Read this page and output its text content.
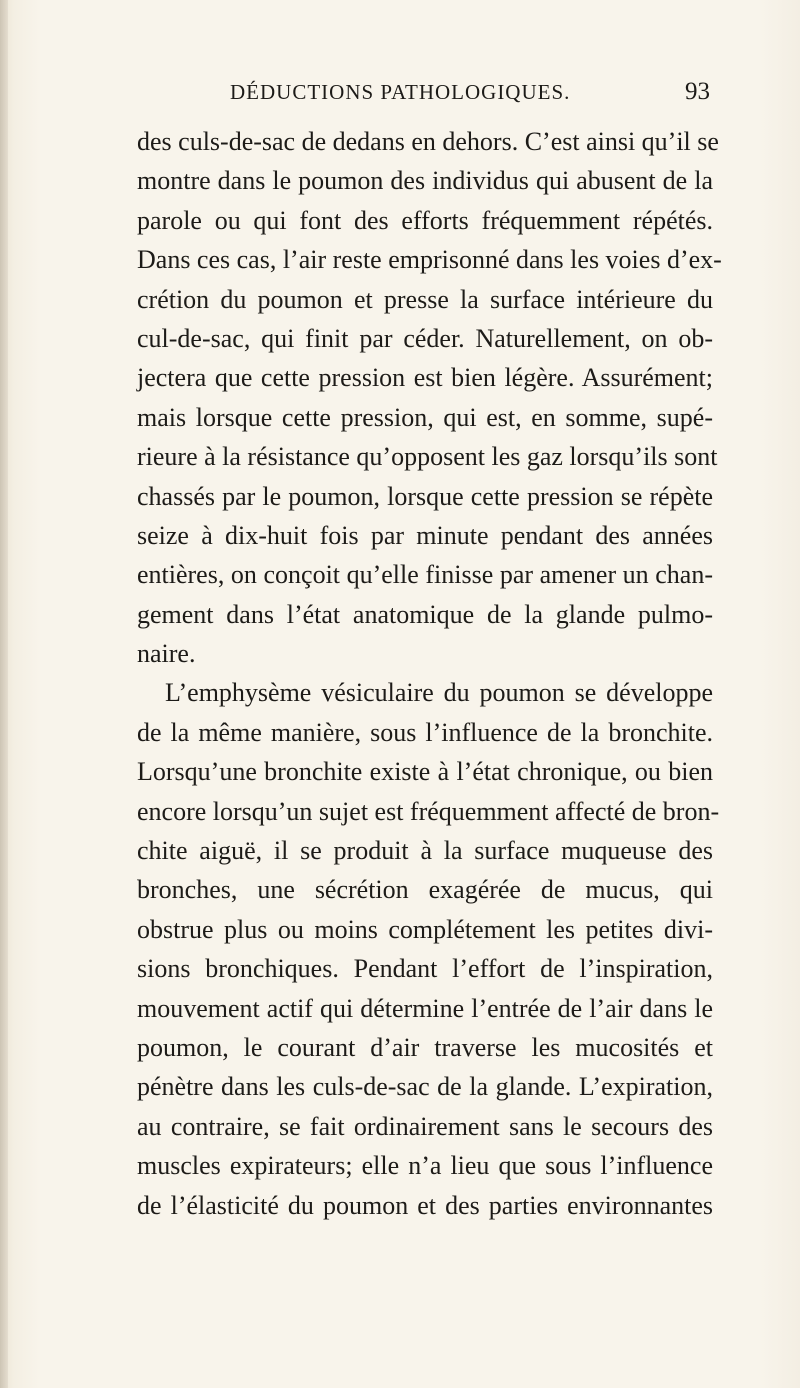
DÉDUCTIONS PATHOLOGIQUES.	93
des culs-de-sac de dedans en dehors. C’est ainsi qu’il se
montre dans le poumon des individus qui abusent de la
parole ou qui font des efforts fréquemment répétés.
Dans ces cas, l’air reste emprisonné dans les voies d’ex-
crétion du poumon et presse la surface intérieure du
cul-de-sac, qui finit par céder. Naturellement, on ob-
jectera que cette pression est bien légère. Assurément;
mais lorsque cette pression, qui est, en somme, supé-
rieure à la résistance qu’opposent les gaz lorsqu’ils sont
chassés par le poumon, lorsque cette pression se répète
seize à dix-huit fois par minute pendant des années
entières, on conçoit qu’elle finisse par amener un chan-
gement dans l’état anatomique de la glande pulmo-
naire.
L’emphysème vésiculaire du poumon se développe
de la même manière, sous l’influence de la bronchite.
Lorsqu’une bronchite existe à l’état chronique, ou bien
encore lorsqu’un sujet est fréquemment affecté de bron-
chite aiguë, il se produit à la surface muqueuse des
bronches, une sécrétion exagérée de mucus, qui
obstrue plus ou moins complétement les petites divi-
sions bronchiques. Pendant l’effort de l’inspiration,
mouvement actif qui détermine l’entrée de l’air dans le
poumon, le courant d’air traverse les mucosités et
pénètre dans les culs-de-sac de la glande. L’expiration,
au contraire, se fait ordinairement sans le secours des
muscles expirateurs; elle n’a lieu que sous l’influence
de l’élasticité du poumon et des parties environnantes
